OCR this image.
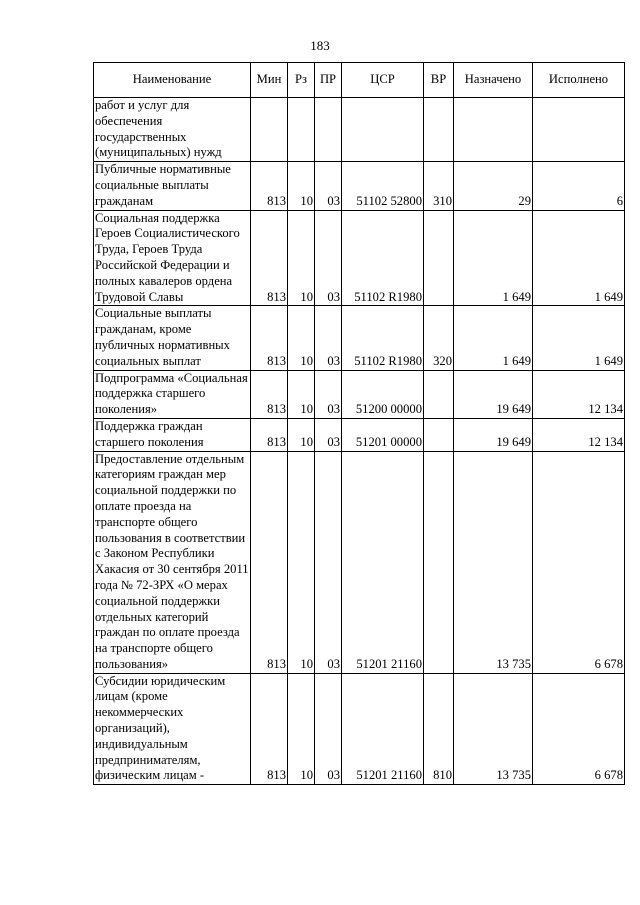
183
Наименование	Мин	Рз	ПР	ЦСР	ВР	Назначено	Исполнено
работ и услуг для обеспечения государственных (муниципальных) нужд							
Публичные нормативные социальные выплаты гражданам	813	10	03	51102 52800	310	29	6
Социальная поддержка Героев Социалистического Труда, Героев Труда Российской Федерации и полных кавалеров ордена Трудовой Славы	813	10	03	51102 R1980		1 649	1 649
Социальные выплаты гражданам, кроме публичных нормативных социальных выплат	813	10	03	51102 R1980	320	1 649	1 649
Подпрограмма «Социальная поддержка старшего поколения»	813	10	03	51200 00000		19 649	12 134
Поддержка граждан старшего поколения	813	10	03	51201 00000		19 649	12 134
Предоставление отдельным категориям граждан мер социальной поддержки по оплате проезда на транспорте общего пользования в соответствии с Законом Республики Хакасия от 30 сентября 2011 года № 72-ЗРХ «О мерах социальной поддержки отдельных категорий граждан по оплате проезда на транспорте общего пользования»	813	10	03	51201 21160		13 735	6 678
Субсидии юридическим лицам (кроме некоммерческих организаций), индивидуальным предпринимателям, физическим лицам -	813	10	03	51201 21160	810	13 735	6 678
